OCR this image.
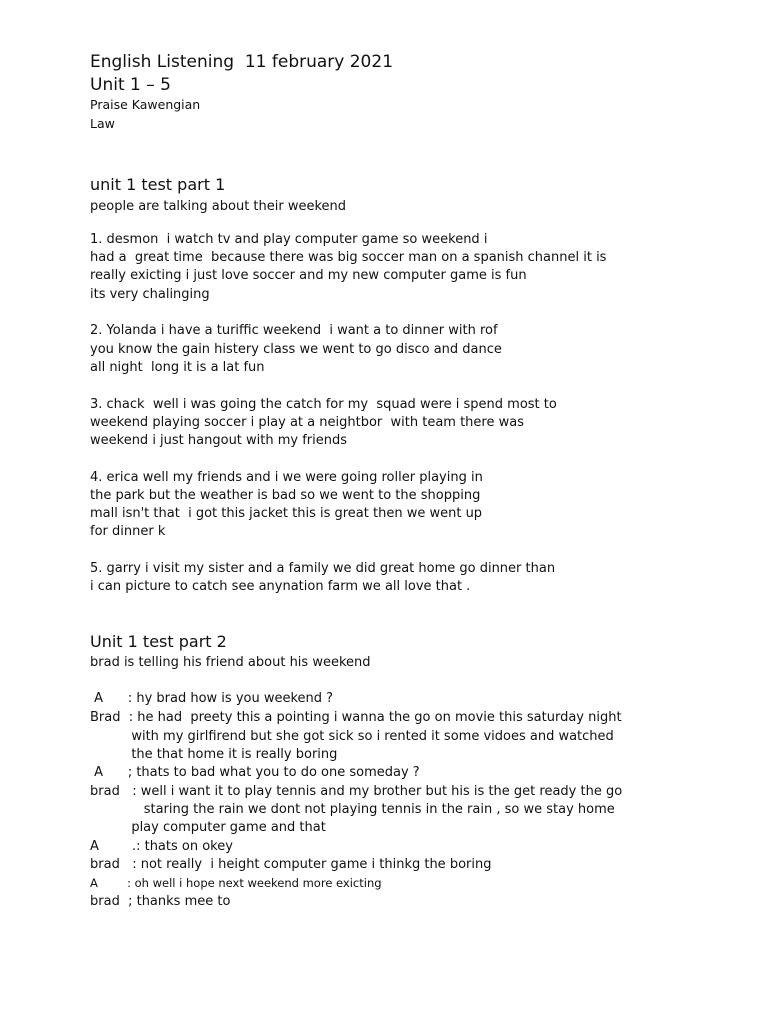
English Listening  11 february 2021
Unit 1 – 5
Praise Kawengian
Law
unit 1 test part 1
people are talking about their weekend
1. desmon  i watch tv and play computer game so weekend i
had a  great time  because there was big soccer man on a spanish channel it is
really exicting i just love soccer and my new computer game is fun
its very chalinging
2. Yolanda i have a turiffic weekend  i want a to dinner with rof
you know the gain histery class we went to go disco and dance
all night  long it is a lat fun
3. chack  well i was going the catch for my  squad were i spend most to
weekend playing soccer i play at a neightbor  with team there was
weekend i just hangout with my friends
4. erica well my friends and i we were going roller playing in
the park but the weather is bad so we went to the shopping
mall isn't that  i got this jacket this is great then we went up
for dinner k
5. garry i visit my sister and a family we did great home go dinner than
i can picture to catch see anynation farm we all love that .
Unit 1 test part 2
brad is telling his friend about his weekend
A      : hy brad how is you weekend ?
Brad  : he had  preety this a pointing i wanna the go on movie this saturday night
with my girlfirend but she got sick so i rented it some vidoes and watched
the that home it is really boring
A      ; thats to bad what you to do one someday ?
brad   : well i want it to play tennis and my brother but his is the get ready the go
staring the rain we dont not playing tennis in the rain , so we stay home
play computer game and that
A        .: thats on okey
brad   : not really  i height computer game i thinkg the boring
A        : oh well i hope next weekend more exicting
brad  ; thanks mee to
